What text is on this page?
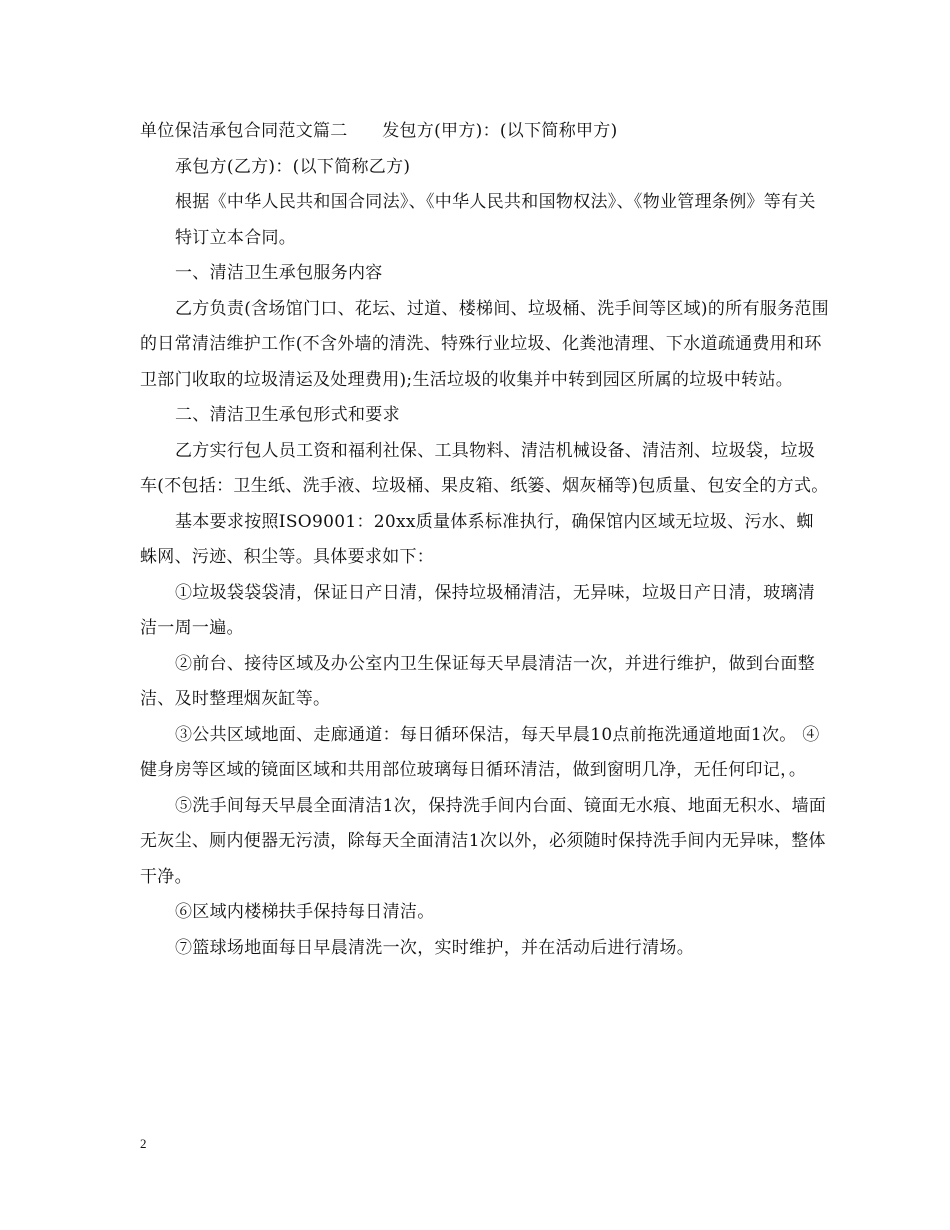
单位保洁承包合同范文篇二　　发包方(甲方)：(以下简称甲方)

承包方(乙方)：(以下简称乙方)

根据《中华人民共和国合同法》、《中华人民共和国物权法》、《物业管理条例》等有关

特订立本合同。

一、清洁卫生承包服务内容

乙方负责(含场馆门口、花坛、过道、楼梯间、垃圾桶、洗手间等区域)的所有服务范围的日常清洁维护工作(不含外墙的清洗、特殊行业垃圾、化粪池清理、下水道疏通费用和环卫部门收取的垃圾清运及处理费用);生活垃圾的收集并中转到园区所属的垃圾中转站。

二、清洁卫生承包形式和要求

乙方实行包人员工资和福利社保、工具物料、清洁机械设备、清洁剂、垃圾袋，垃圾车(不包括：卫生纸、洗手液、垃圾桶、果皮箱、纸篓、烟灰桶等)包质量、包安全的方式。

基本要求按照ISO9001：20xx质量体系标准执行，确保馆内区域无垃圾、污水、蜘蛛网、污迹、积尘等。具体要求如下：

①垃圾袋袋袋清，保证日产日清，保持垃圾桶清洁，无异味，垃圾日产日清，玻璃清洁一周一遍。

②前台、接待区域及办公室内卫生保证每天早晨清洁一次，并进行维护，做到台面整洁、及时整理烟灰缸等。

③公共区域地面、走廊通道：每日循环保洁，每天早晨10点前拖洗通道地面1次。 ④健身房等区域的镜面区域和共用部位玻璃每日循环清洁，做到窗明几净，无任何印记，。

⑤洗手间每天早晨全面清洁1次，保持洗手间内台面、镜面无水痕、地面无积水、墙面无灰尘、厕内便器无污渍，除每天全面清洁1次以外，必须随时保持洗手间内无异味，整体干净。

⑥区域内楼梯扶手保持每日清洁。

⑦篮球场地面每日早晨清洗一次，实时维护，并在活动后进行清场。

2
